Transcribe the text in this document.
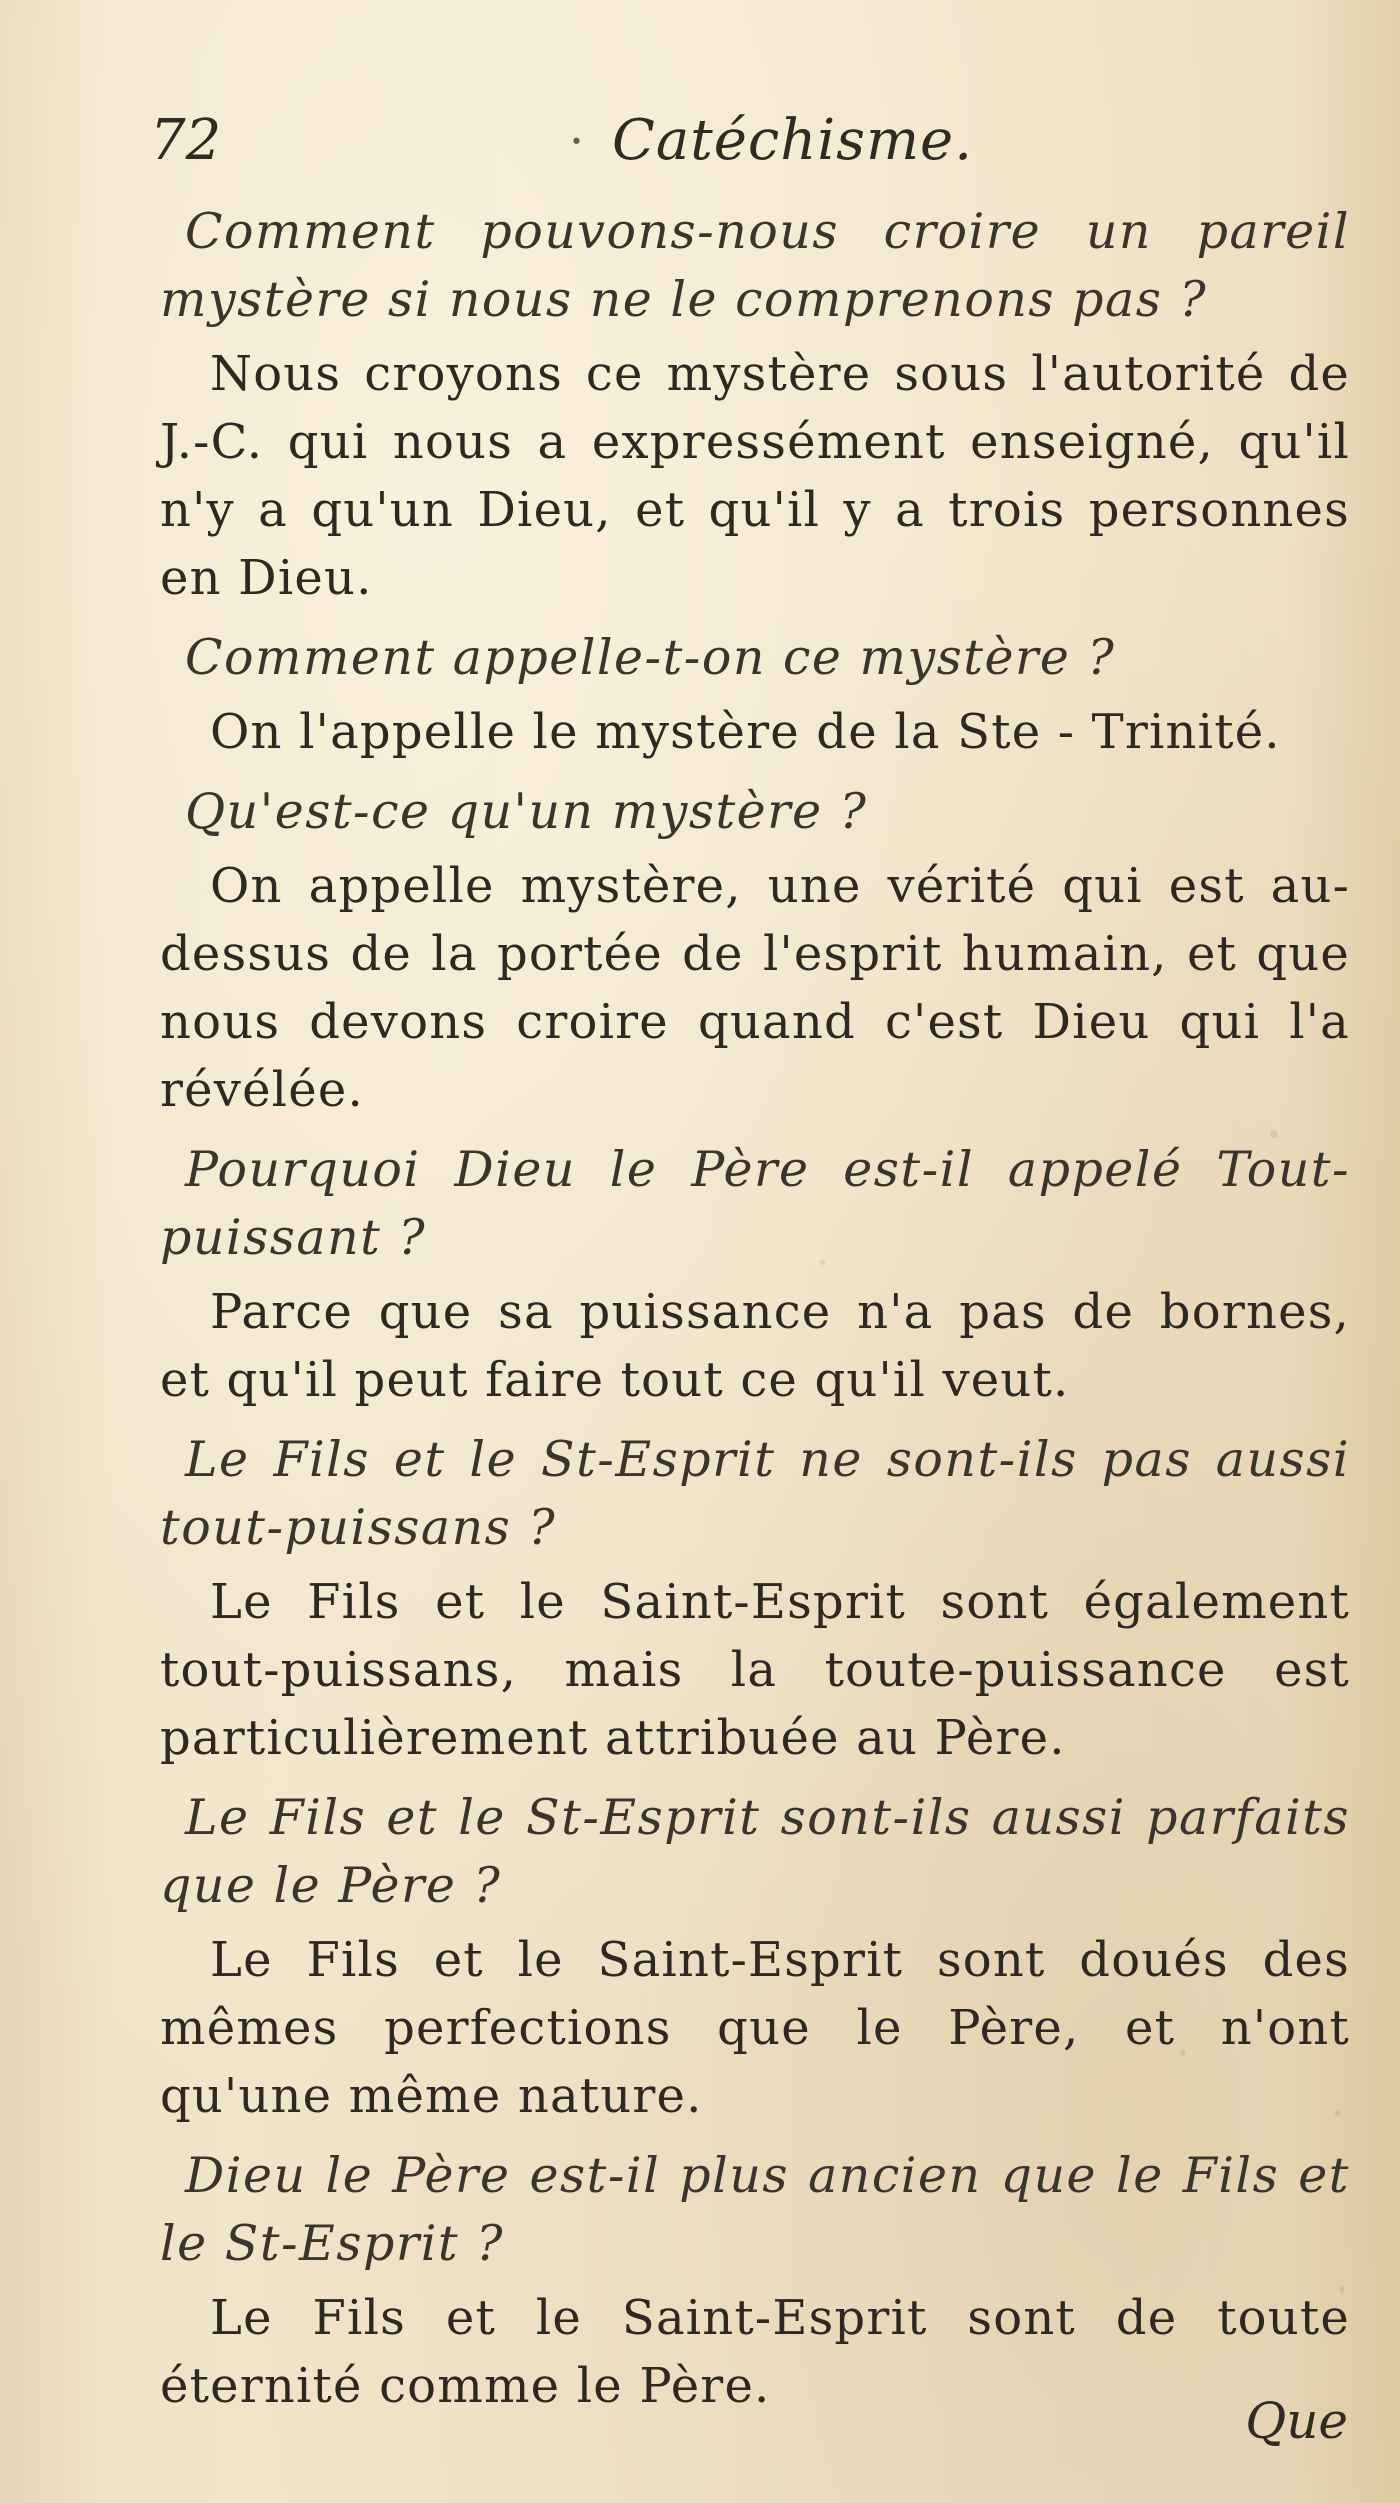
72	• Catéchisme.

Comment pouvons-nous croire un pareil mystère si nous ne le comprenons pas ?

Nous croyons ce mystère sous l'autorité de J.-C. qui nous a expressément enseigné, qu'il n'y a qu'un Dieu, et qu'il y a trois personnes en Dieu.

Comment appelle-t-on ce mystère ?

On l'appelle le mystère de la Ste - Trinité.

Qu'est-ce qu'un mystère ?

On appelle mystère, une vérité qui est au-dessus de la portée de l'esprit humain, et que nous devons croire quand c'est Dieu qui l'a révélée.

Pourquoi Dieu le Père est-il appelé Tout-puissant ?

Parce que sa puissance n'a pas de bornes, et qu'il peut faire tout ce qu'il veut.

Le Fils et le St-Esprit ne sont-ils pas aussi tout-puissans ?

Le Fils et le Saint-Esprit sont également tout-puissans, mais la toute-puissance est particulièrement attribuée au Père.

Le Fils et le St-Esprit sont-ils aussi parfaits que le Père ?

Le Fils et le Saint-Esprit sont doués des mêmes perfections que le Père, et n'ont qu'une même nature.

Dieu le Père est-il plus ancien que le Fils et le St-Esprit ?

Le Fils et le Saint-Esprit sont de toute éternité comme le Père.

Que
